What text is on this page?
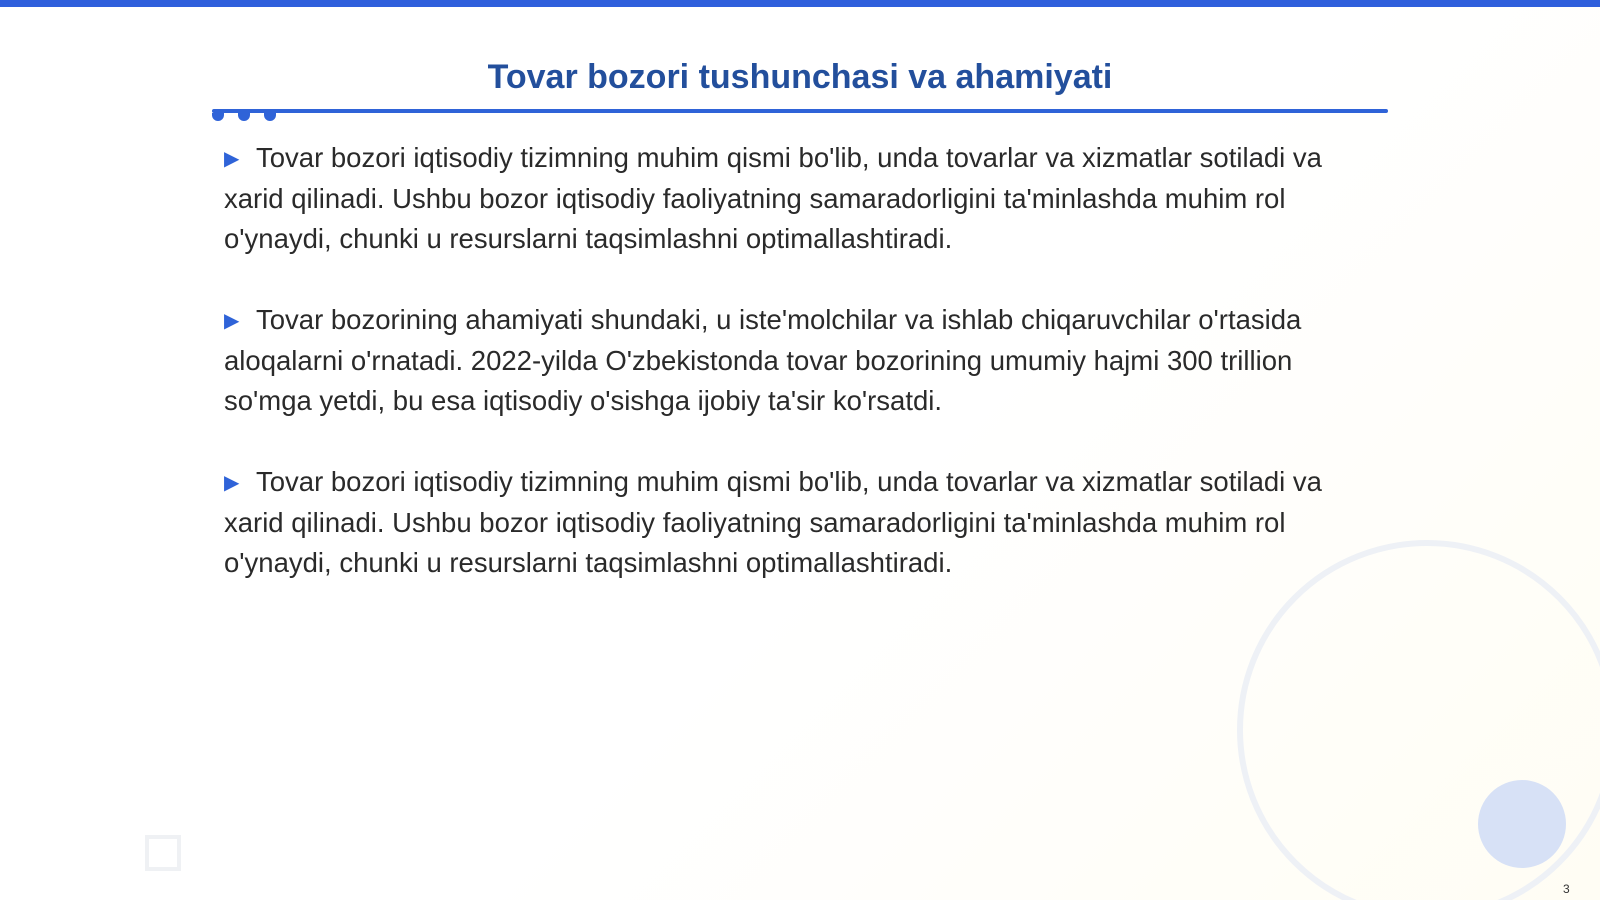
Tovar bozori tushunchasi va ahamiyati

▶ Tovar bozori iqtisodiy tizimning muhim qismi bo'lib, unda tovarlar va xizmatlar sotiladi va xarid qilinadi. Ushbu bozor iqtisodiy faoliyatning samaradorligini ta'minlashda muhim rol o'ynaydi, chunki u resurslarni taqsimlashni optimallashtiradi.

▶ Tovar bozorining ahamiyati shundaki, u iste'molchilar va ishlab chiqaruvchilar o'rtasida aloqalarni o'rnatadi. 2022-yilda O'zbekistonda tovar bozorining umumiy hajmi 300 trillion so'mga yetdi, bu esa iqtisodiy o'sishga ijobiy ta'sir ko'rsatdi.

▶ Tovar bozori iqtisodiy tizimning muhim qismi bo'lib, unda tovarlar va xizmatlar sotiladi va xarid qilinadi. Ushbu bozor iqtisodiy faoliyatning samaradorligini ta'minlashda muhim rol o'ynaydi, chunki u resurslarni taqsimlashni optimallashtiradi.

3
